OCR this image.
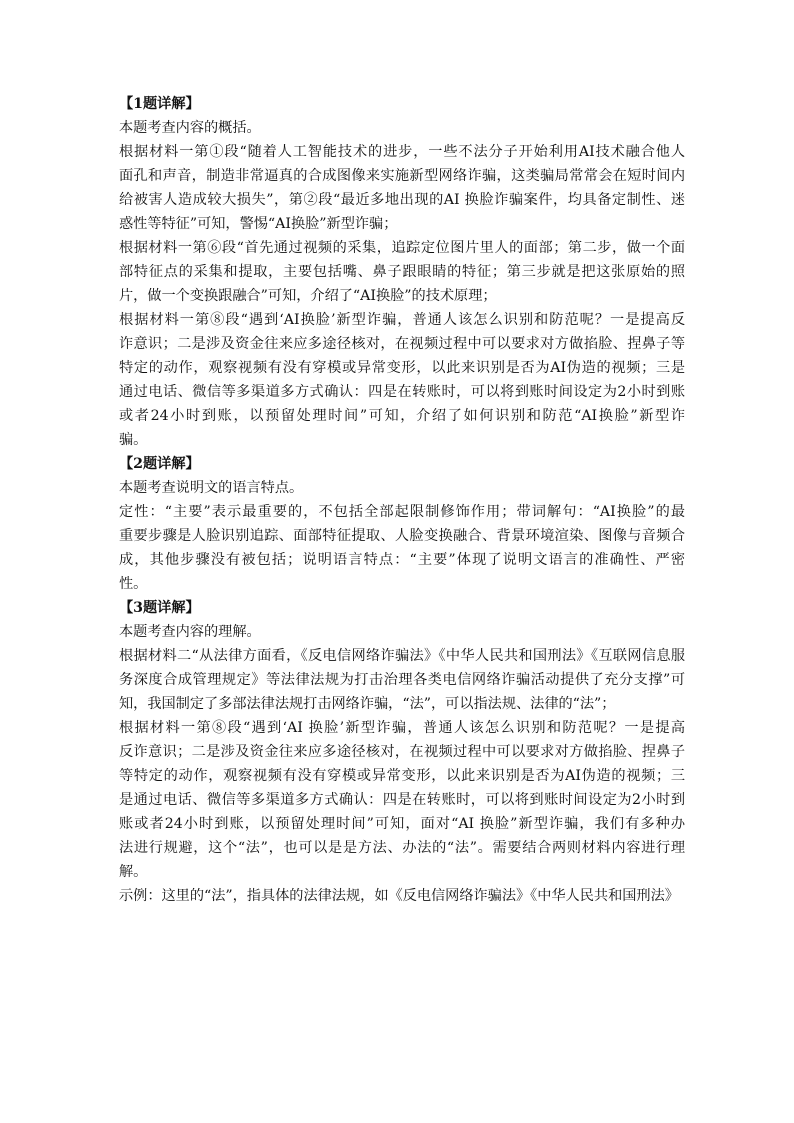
【1题详解】
本题考查内容的概括。
根据材料一第①段“随着人工智能技术的进步，一些不法分子开始利用AI技术融合他人
面孔和声音，制造非常逼真的合成图像来实施新型网络诈骗，这类骗局常常会在短时间内
给被害人造成较大损失”，第②段“最近多地出现的AI 换脸诈骗案件，均具备定制性、迷
惑性等特征”可知，警惕“AI换脸”新型诈骗；
根据材料一第⑥段“首先通过视频的采集，追踪定位图片里人的面部；第二步，做一个面
部特征点的采集和提取，主要包括嘴、鼻子跟眼睛的特征；第三步就是把这张原始的照
片，做一个变换跟融合”可知，介绍了“AI换脸”的技术原理；
根据材料一第⑧段“遇到‘AI换脸’新型诈骗，普通人该怎么识别和防范呢？一是提高反
诈意识；二是涉及资金往来应多途径核对，在视频过程中可以要求对方做掐脸、捏鼻子等
特定的动作，观察视频有没有穿模或异常变形，以此来识别是否为AI伪造的视频；三是
通过电话、微信等多渠道多方式确认：四是在转账时，可以将到账时间设定为2小时到账
或者24小时到账，以预留处理时间”可知，介绍了如何识别和防范“AI换脸”新型诈
骗。
【2题详解】
本题考查说明文的语言特点。
定性：“主要”表示最重要的，不包括全部起限制修饰作用；带词解句：“AI换脸”的最
重要步骤是人脸识别追踪、面部特征提取、人脸变换融合、背景环境渲染、图像与音频合
成，其他步骤没有被包括；说明语言特点：“主要”体现了说明文语言的准确性、严密
性。
【3题详解】
本题考查内容的理解。
根据材料二“从法律方面看，《反电信网络诈骗法》《中华人民共和国刑法》《互联网信息服
务深度合成管理规定》等法律法规为打击治理各类电信网络诈骗活动提供了充分支撑”可
知，我国制定了多部法律法规打击网络诈骗，“法”，可以指法规、法律的“法”；
根据材料一第⑧段“遇到‘AI 换脸’新型诈骗，普通人该怎么识别和防范呢？一是提高
反诈意识；二是涉及资金往来应多途径核对，在视频过程中可以要求对方做掐脸、捏鼻子
等特定的动作，观察视频有没有穿模或异常变形，以此来识别是否为AI伪造的视频；三
是通过电话、微信等多渠道多方式确认：四是在转账时，可以将到账时间设定为2小时到
账或者24小时到账，以预留处理时间”可知，面对“AI 换脸”新型诈骗，我们有多种办
法进行规避，这个“法”，也可以是是方法、办法的“法”。需要结合两则材料内容进行理
解。
示例：这里的“法”，指具体的法律法规，如《反电信网络诈骗法》《中华人民共和国刑法》
